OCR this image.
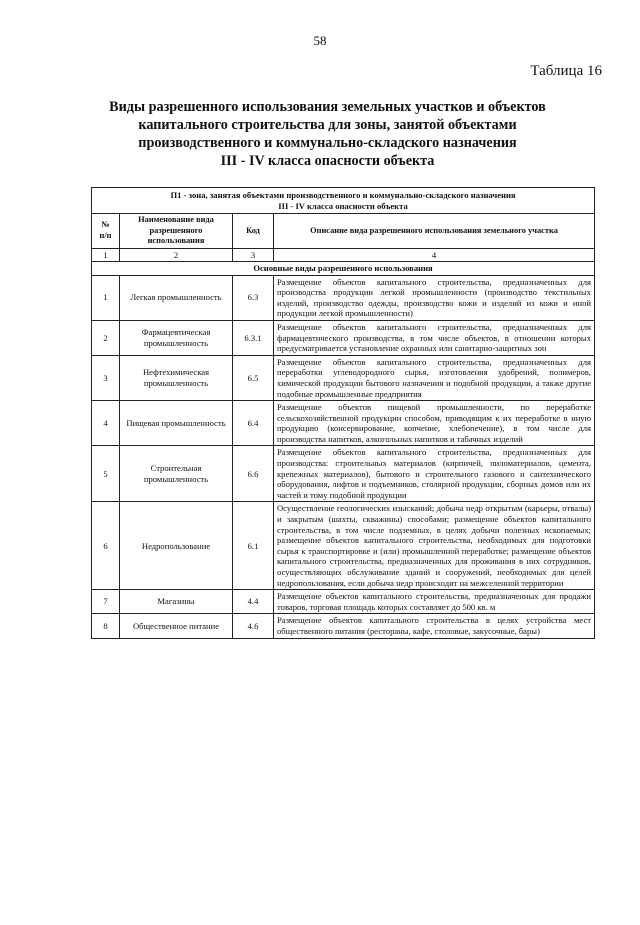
58
Таблица 16
Виды разрешенного использования земельных участков и объектов
капитального строительства для зоны, занятой объектами
производственного и коммунально-складского назначения
III - IV класса опасности объекта
П1 - зона, занятая объектами производственного и коммунально-складского назначения
III - IV класса опасности объекта			

№
п/п	Наименование вида разрешенного использования	Код	Описание вида разрешенного использования земельного участка
1	2	3	4
Основные виды разрешенного использования			
1	Легкая промышленность	6.3	Размещение объектов капитального строительства, предназначенных для производства продукции легкой промышленности (производство текстильных изделий, производство одежды, производство кожи и изделий из кожи и иной продукции легкой промышленности)
2	Фармацевтическая промышленность	6.3.1	Размещение объектов капитального строительства, предназначенных для фармацевтического производства, в том числе объектов, в отношении которых предусматривается установление охранных или санитарно-защитных зон
3	Нефтехимическая промышленность	6.5	Размещение объектов капитального строительства, предназначенных для переработки углеводородного сырья, изготовления удобрений, полимеров, химической продукции бытового назначения и подобной продукции, а также другие подобные промышленные предприятия
4	Пищевая промышленность	6.4	Размещение объектов пищевой промышленности, по переработке сельскохозяйственной продукции способом, приводящим к их переработке в иную продукцию (консервирование, копчение, хлебопечение), в том числе для производства напитков, алкогольных напитков и табачных изделий
5	Строительная промышленность	6.6	Размещение объектов капитального строительства, предназначенных для производства: строительных материалов (кирпичей, пиломатериалов, цемента, крепежных материалов), бытового и строительного газового и сантехнического оборудования, лифтов и подъемников, столярной продукции, сборных домов или их частей и тому подобной продукции
6	Недропользование	6.1	Осуществление геологических изысканий; добыча недр открытым (карьеры, отвалы) и закрытым (шахты, скважины) способами; размещение объектов капитального строительства, в том числе подземных, в целях добычи полезных ископаемых; размещение объектов капитального строительства, необходимых для подготовки сырья к транспортировке и (или) промышленной переработке; размещение объектов капитального строительства, предназначенных для проживания в них сотрудников, осуществляющих обслуживание зданий и сооружений, необходимых для целей недропользования, если добыча недр происходит на межселенной территории
7	Магазины	4.4	Размещение объектов капитального строительства, предназначенных для продажи товаров, торговая площадь которых составляет до 500 кв. м
8	Общественное питание	4.6	Размещение объектов капитального строительства в целях устройства мест общественного питания (рестораны, кафе, столовые, закусочные, бары)
